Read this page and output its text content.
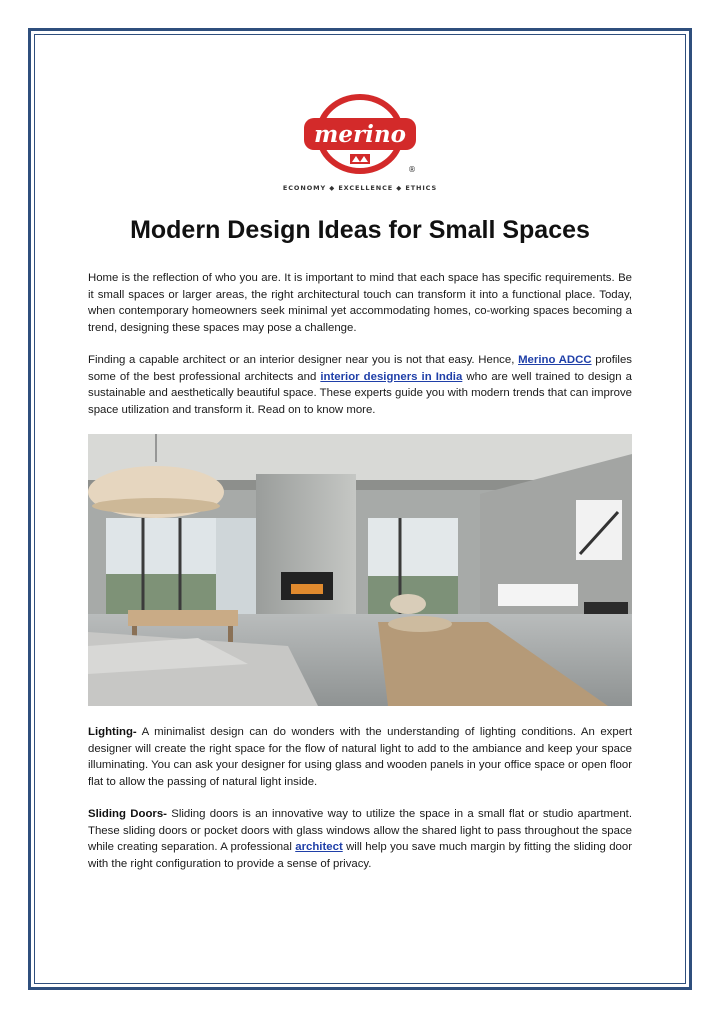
merino
®
ECONOMY ◆ EXCELLENCE ◆ ETHICS
Modern Design Ideas for Small Spaces

Home is the reflection of who you are. It is important to mind that each space has specific requirements. Be it small spaces or larger areas, the right architectural touch can transform it into a functional place. Today, when contemporary homeowners seek minimal yet accommodating homes, co-working spaces becoming a trend, designing these spaces may pose a challenge.

Finding a capable architect or an interior designer near you is not that easy. Hence, Merino ADCC profiles some of the best professional architects and interior designers in India who are well trained to design a sustainable and aesthetically beautiful space. These experts guide you with modern trends that can improve space utilization and transform it. Read on to know more.

Lighting- A minimalist design can do wonders with the understanding of lighting conditions. An expert designer will create the right space for the flow of natural light to add to the ambiance and keep your space illuminating. You can ask your designer for using glass and wooden panels in your office space or open floor flat to allow the passing of natural light inside.

Sliding Doors- Sliding doors is an innovative way to utilize the space in a small flat or studio apartment. These sliding doors or pocket doors with glass windows allow the shared light to pass throughout the space while creating separation. A professional architect will help you save much margin by fitting the sliding door with the right configuration to provide a sense of privacy.
